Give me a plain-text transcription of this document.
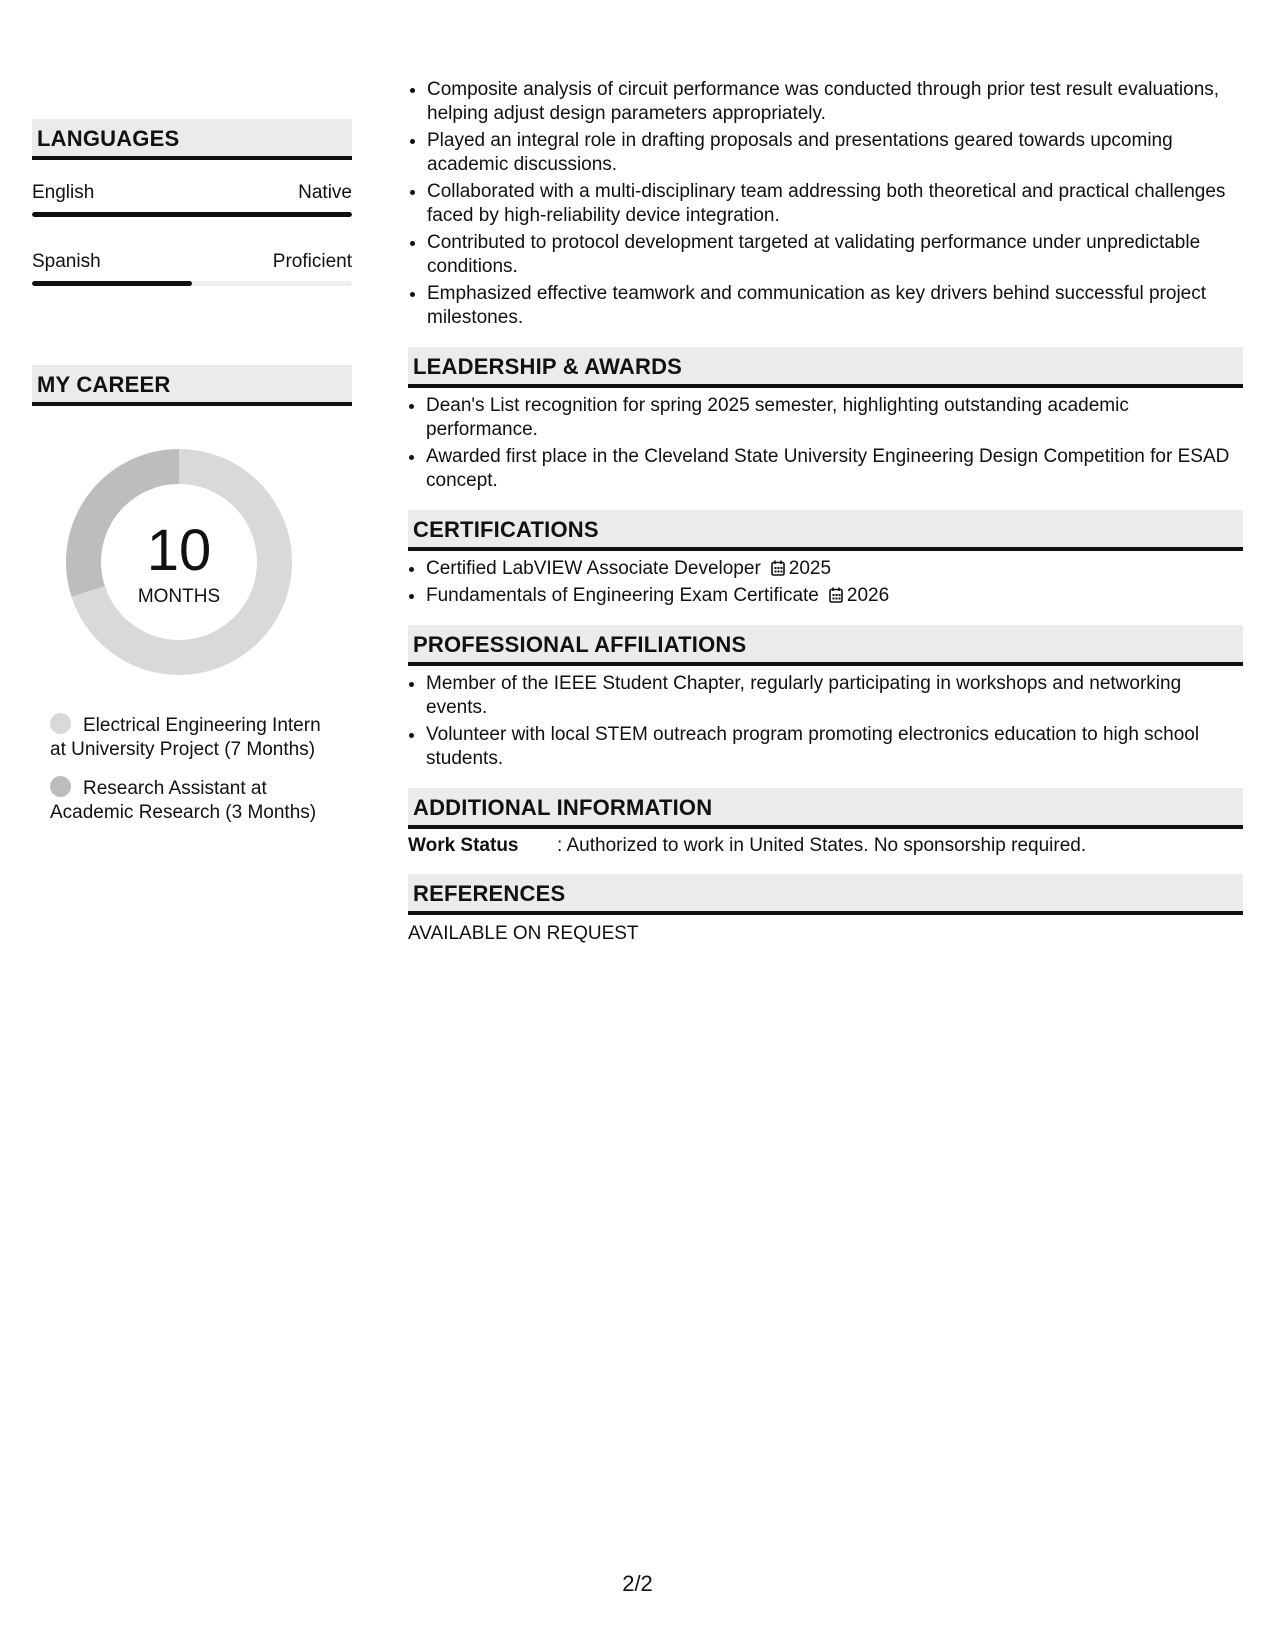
LANGUAGES
English	Native
Spanish	Proficient
MY CAREER
10
MONTHS
Electrical Engineering Intern at University Project (7 Months)
Research Assistant at Academic Research (3 Months)
• Composite analysis of circuit performance was conducted through prior test result evaluations, helping adjust design parameters appropriately.
• Played an integral role in drafting proposals and presentations geared towards upcoming academic discussions.
• Collaborated with a multi-disciplinary team addressing both theoretical and practical challenges faced by high-reliability device integration.
• Contributed to protocol development targeted at validating performance under unpredictable conditions.
• Emphasized effective teamwork and communication as key drivers behind successful project milestones.
LEADERSHIP & AWARDS
• Dean's List recognition for spring 2025 semester, highlighting outstanding academic performance.
• Awarded first place in the Cleveland State University Engineering Design Competition for ESAD concept.
CERTIFICATIONS
• Certified LabVIEW Associate Developer 2025
• Fundamentals of Engineering Exam Certificate 2026
PROFESSIONAL AFFILIATIONS
• Member of the IEEE Student Chapter, regularly participating in workshops and networking events.
• Volunteer with local STEM outreach program promoting electronics education to high school students.
ADDITIONAL INFORMATION
Work Status	: Authorized to work in United States. No sponsorship required.
REFERENCES
AVAILABLE ON REQUEST
2/2
